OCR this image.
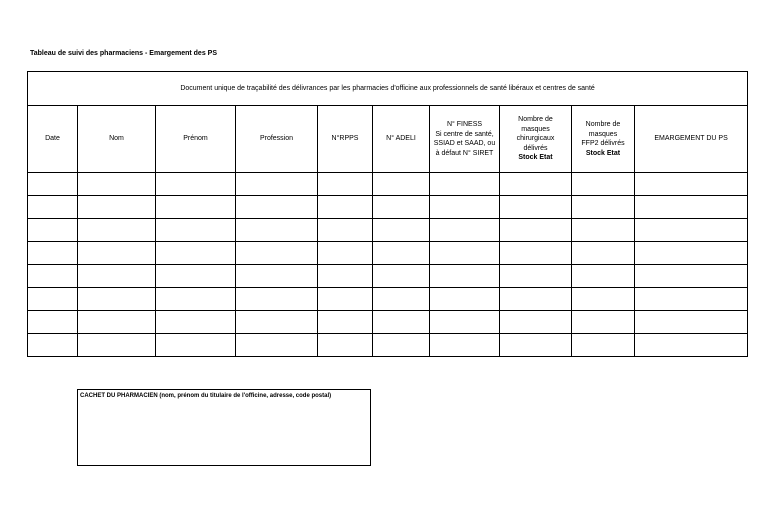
Tableau de suivi des pharmaciens - Emargement des PS
Document unique de traçabilité des délivrances par les pharmacies d'officine aux professionnels de santé libéraux et centres de santé									

Date	Nom	Prénom	Profession	N°RPPS	N° ADELI	N° FINESS
Si centre de santé,
SSIAD et SAAD, ou
à défaut N° SIRET	Nombre de
masques
chirurgicaux
délivrés
Stock Etat	Nombre de
masques
FFP2 délivrés
Stock Etat	EMARGEMENT DU PS

CACHET DU PHARMACIEN (nom, prénom du titulaire de l'officine, adresse, code postal)
